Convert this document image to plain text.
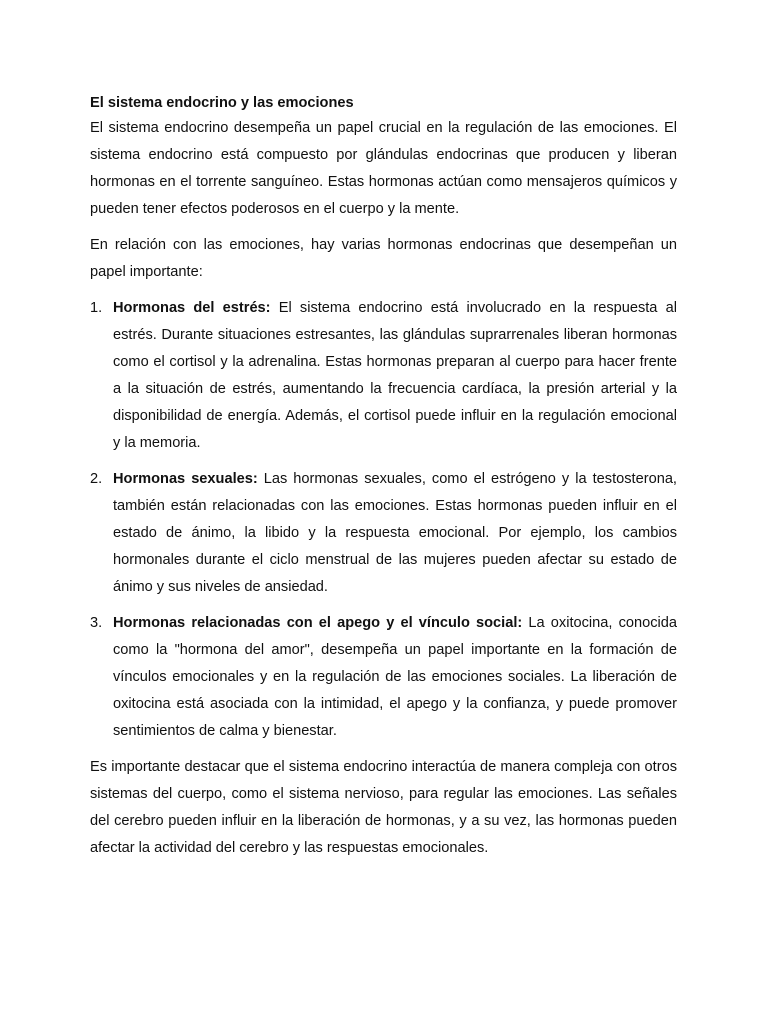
El sistema endocrino y las emociones

El sistema endocrino desempeña un papel crucial en la regulación de las emociones. El sistema endocrino está compuesto por glándulas endocrinas que producen y liberan hormonas en el torrente sanguíneo. Estas hormonas actúan como mensajeros químicos y pueden tener efectos poderosos en el cuerpo y la mente.

En relación con las emociones, hay varias hormonas endocrinas que desempeñan un papel importante:

1. Hormonas del estrés: El sistema endocrino está involucrado en la respuesta al estrés. Durante situaciones estresantes, las glándulas suprarrenales liberan hormonas como el cortisol y la adrenalina. Estas hormonas preparan al cuerpo para hacer frente a la situación de estrés, aumentando la frecuencia cardíaca, la presión arterial y la disponibilidad de energía. Además, el cortisol puede influir en la regulación emocional y la memoria.
2. Hormonas sexuales: Las hormonas sexuales, como el estrógeno y la testosterona, también están relacionadas con las emociones. Estas hormonas pueden influir en el estado de ánimo, la libido y la respuesta emocional. Por ejemplo, los cambios hormonales durante el ciclo menstrual de las mujeres pueden afectar su estado de ánimo y sus niveles de ansiedad.
3. Hormonas relacionadas con el apego y el vínculo social: La oxitocina, conocida como la "hormona del amor", desempeña un papel importante en la formación de vínculos emocionales y en la regulación de las emociones sociales. La liberación de oxitocina está asociada con la intimidad, el apego y la confianza, y puede promover sentimientos de calma y bienestar.

Es importante destacar que el sistema endocrino interactúa de manera compleja con otros sistemas del cuerpo, como el sistema nervioso, para regular las emociones. Las señales del cerebro pueden influir en la liberación de hormonas, y a su vez, las hormonas pueden afectar la actividad del cerebro y las respuestas emocionales.
